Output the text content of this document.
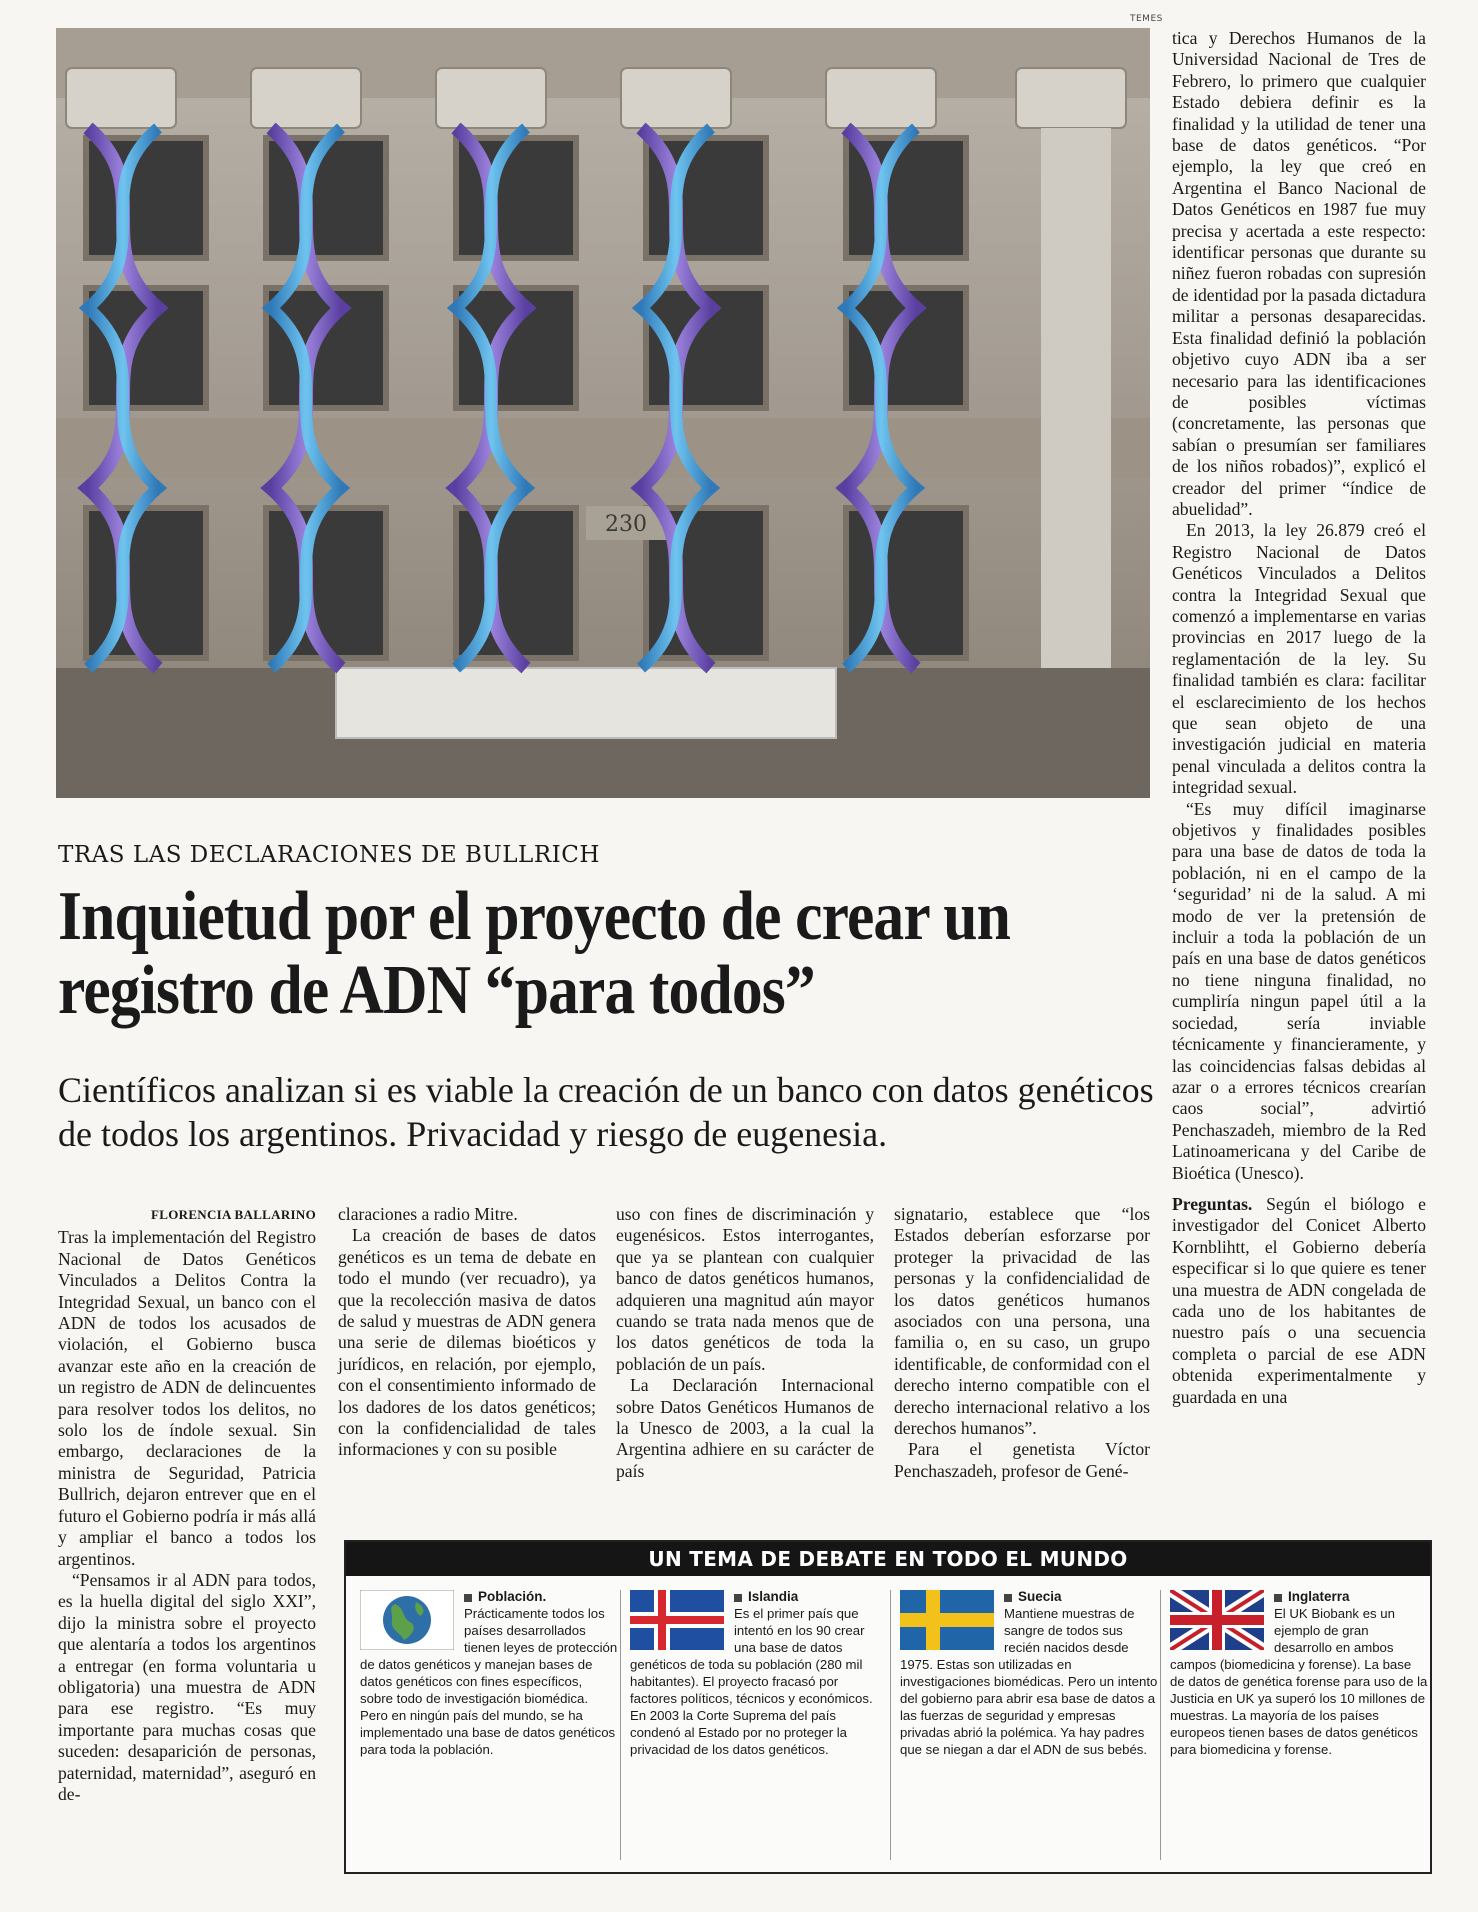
230
TEMES
TRAS LAS DECLARACIONES DE BULLRICH
Inquietud por el proyecto de crear un registro de ADN “para todos”
Científicos analizan si es viable la creación de un banco con datos genéticos de todos los argentinos. Privacidad y riesgo de eugenesia.
FLORENCIA BALLARINO

Tras la implementación del Registro Nacional de Datos Genéticos Vinculados a Delitos Contra la Integridad Sexual, un banco con el ADN de todos los acusados de violación, el Gobierno busca avanzar este año en la creación de un registro de ADN de delincuentes para resolver todos los delitos, no solo los de índole sexual. Sin embargo, declaraciones de la ministra de Seguridad, Patricia Bullrich, dejaron entrever que en el futuro el Gobierno podría ir más allá y ampliar el banco a todos los argentinos.

“Pensamos ir al ADN para todos, es la huella digital del siglo XXI”, dijo la ministra sobre el proyecto que alentaría a todos los argentinos a entregar (en forma voluntaria u obligatoria) una muestra de ADN para ese registro. “Es muy importante para muchas cosas que suceden: desaparición de personas, paternidad, maternidad”, aseguró en de-

claraciones a radio Mitre.

La creación de bases de datos genéticos es un tema de debate en todo el mundo (ver recuadro), ya que la recolección masiva de datos de salud y muestras de ADN genera una serie de dilemas bioéticos y jurídicos, en relación, por ejemplo, con el consentimiento informado de los dadores de los datos genéticos; con la confidencialidad de tales informaciones y con su posible

uso con fines de discriminación y eugenésicos. Estos interrogantes, que ya se plantean con cualquier banco de datos genéticos humanos, adquieren una magnitud aún mayor cuando se trata nada menos que de los datos genéticos de toda la población de un país.

La Declaración Internacional sobre Datos Genéticos Humanos de la Unesco de 2003, a la cual la Argentina adhiere en su carácter de país

signatario, establece que “los Estados deberían esforzarse por proteger la privacidad de las personas y la confidencialidad de los datos genéticos humanos asociados con una persona, una familia o, en su caso, un grupo identificable, de conformidad con el derecho interno compatible con el derecho internacional relativo a los derechos humanos”.

Para el genetista Víctor Penchaszadeh, profesor de Gené-

tica y Derechos Humanos de la Universidad Nacional de Tres de Febrero, lo primero que cualquier Estado debiera definir es la finalidad y la utilidad de tener una base de datos genéticos. “Por ejemplo, la ley que creó en Argentina el Banco Nacional de Datos Genéticos en 1987 fue muy precisa y acertada a este respecto: identificar personas que durante su niñez fueron robadas con supresión de identidad por la pasada dictadura militar a personas desaparecidas. Esta finalidad definió la población objetivo cuyo ADN iba a ser necesario para las identificaciones de posibles víctimas (concretamente, las personas que sabían o presumían ser familiares de los niños robados)”, explicó el creador del primer “índice de abuelidad”.

En 2013, la ley 26.879 creó el Registro Nacional de Datos Genéticos Vinculados a Delitos contra la Integridad Sexual que comenzó a implementarse en varias provincias en 2017 luego de la reglamentación de la ley. Su finalidad también es clara: facilitar el esclarecimiento de los hechos que sean objeto de una investigación judicial en materia penal vinculada a delitos contra la integridad sexual.

“Es muy difícil imaginarse objetivos y finalidades posibles para una base de datos de toda la población, ni en el campo de la ‘seguridad’ ni de la salud. A mi modo de ver la pretensión de incluir a toda la población de un país en una base de datos genéticos no tiene ninguna finalidad, no cumpliría ningun papel útil a la sociedad, sería inviable técnicamente y financieramente, y las coincidencias falsas debidas al azar o a errores técnicos crearían caos social”, advirtió Penchaszadeh, miembro de la Red Latinoamericana y del Caribe de Bioética (Unesco).

Preguntas. Según el biólogo e investigador del Conicet Alberto Kornblihtt, el Gobierno debería especificar si lo que quiere es tener una muestra de ADN congelada de cada uno de los habitantes de nuestro país o una secuencia completa o parcial de ese ADN obtenida experimentalmente y guardada en una

UN TEMA DE DEBATE EN TODO EL MUNDO
Población. Prácticamente todos los países desarrollados tienen leyes de protección de datos genéticos y manejan bases de datos genéticos con fines específicos, sobre todo de investigación biomédica. Pero en ningún país del mundo, se ha implementado una base de datos genéticos para toda la población.
Islandia
Es el primer país que intentó en los 90 crear una base de datos genéticos de toda su población (280 mil habitantes). El proyecto fracasó por factores políticos, técnicos y económicos. En 2003 la Corte Suprema del país condenó al Estado por no proteger la privacidad de los datos genéticos.
Suecia
Mantiene muestras de sangre de todos sus recién nacidos desde 1975. Estas son utilizadas en investigaciones biomédicas. Pero un intento del gobierno para abrir esa base de datos a las fuerzas de seguridad y empresas privadas abrió la polémica. Ya hay padres que se niegan a dar el ADN de sus bebés.
Inglaterra
El UK Biobank es un ejemplo de gran desarrollo en ambos campos (biomedicina y forense). La base de datos de genética forense para uso de la Justicia en UK ya superó los 10 millones de muestras. La mayoría de los países europeos tienen bases de datos genéticos para biomedicina y forense.
